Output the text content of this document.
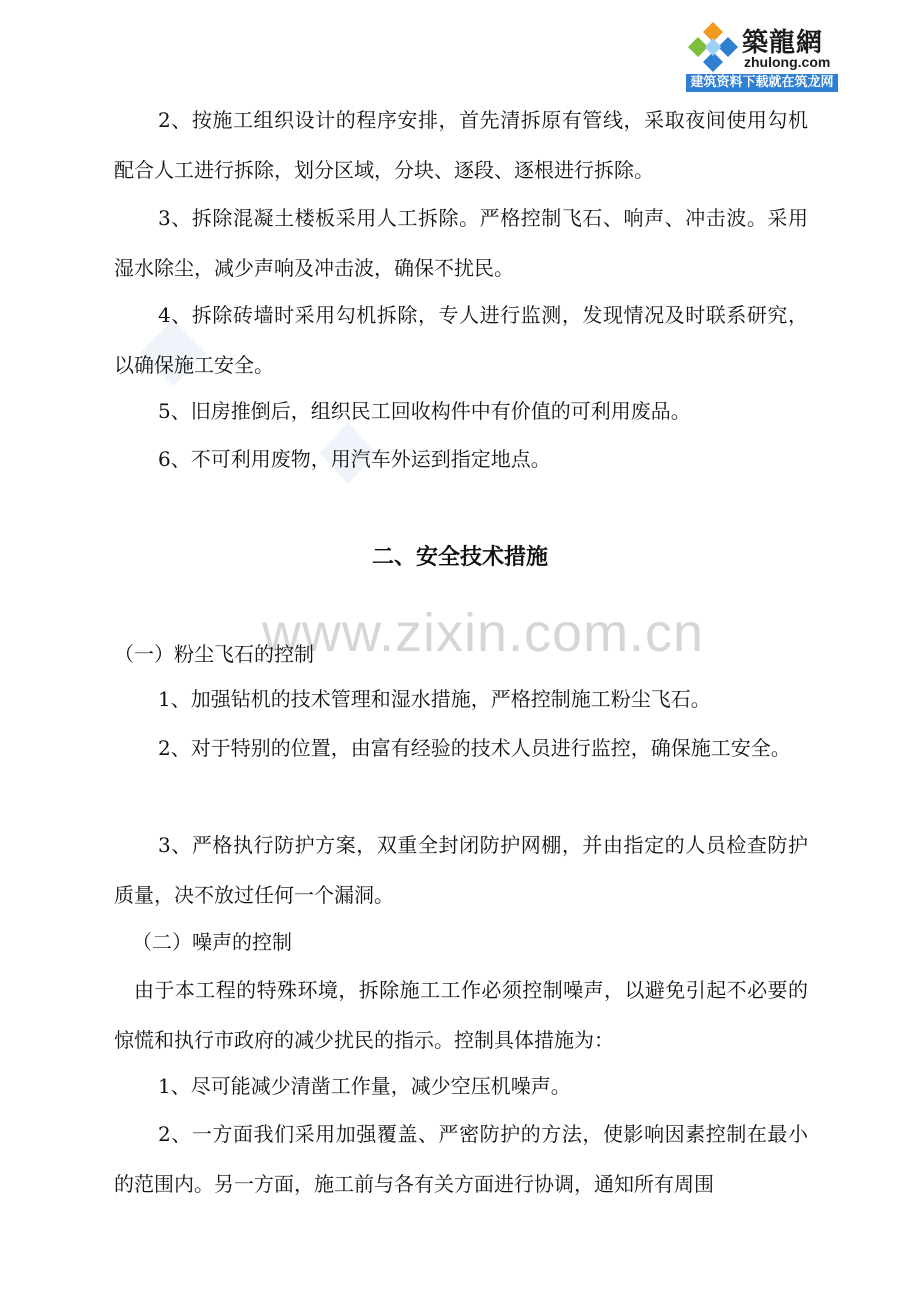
築龍網
zhulong.com
建筑资料下载就在筑龙网
www.zixin.com.cn

2、按施工组织设计的程序安排，首先清拆原有管线，采取夜间使用勾机配合人工进行拆除，划分区域，分块、逐段、逐根进行拆除。

3、拆除混凝土楼板采用人工拆除。严格控制飞石、响声、冲击波。采用湿水除尘，减少声响及冲击波，确保不扰民。

4、拆除砖墙时采用勾机拆除，专人进行监测，发现情况及时联系研究，以确保施工安全。

5、旧房推倒后，组织民工回收构件中有价值的可利用废品。

6、不可利用废物，用汽车外运到指定地点。

二、安全技术措施

（一）粉尘飞石的控制

1、加强钻机的技术管理和湿水措施，严格控制施工粉尘飞石。

2、对于特别的位置，由富有经验的技术人员进行监控，确保施工安全。

3、严格执行防护方案，双重全封闭防护网棚，并由指定的人员检查防护质量，决不放过任何一个漏洞。

（二）噪声的控制

由于本工程的特殊环境，拆除施工工作必须控制噪声，以避免引起不必要的惊慌和执行市政府的减少扰民的指示。控制具体措施为：

1、尽可能减少清凿工作量，减少空压机噪声。

2、一方面我们采用加强覆盖、严密防护的方法，使影响因素控制在最小的范围内。另一方面，施工前与各有关方面进行协调，通知所有周围
